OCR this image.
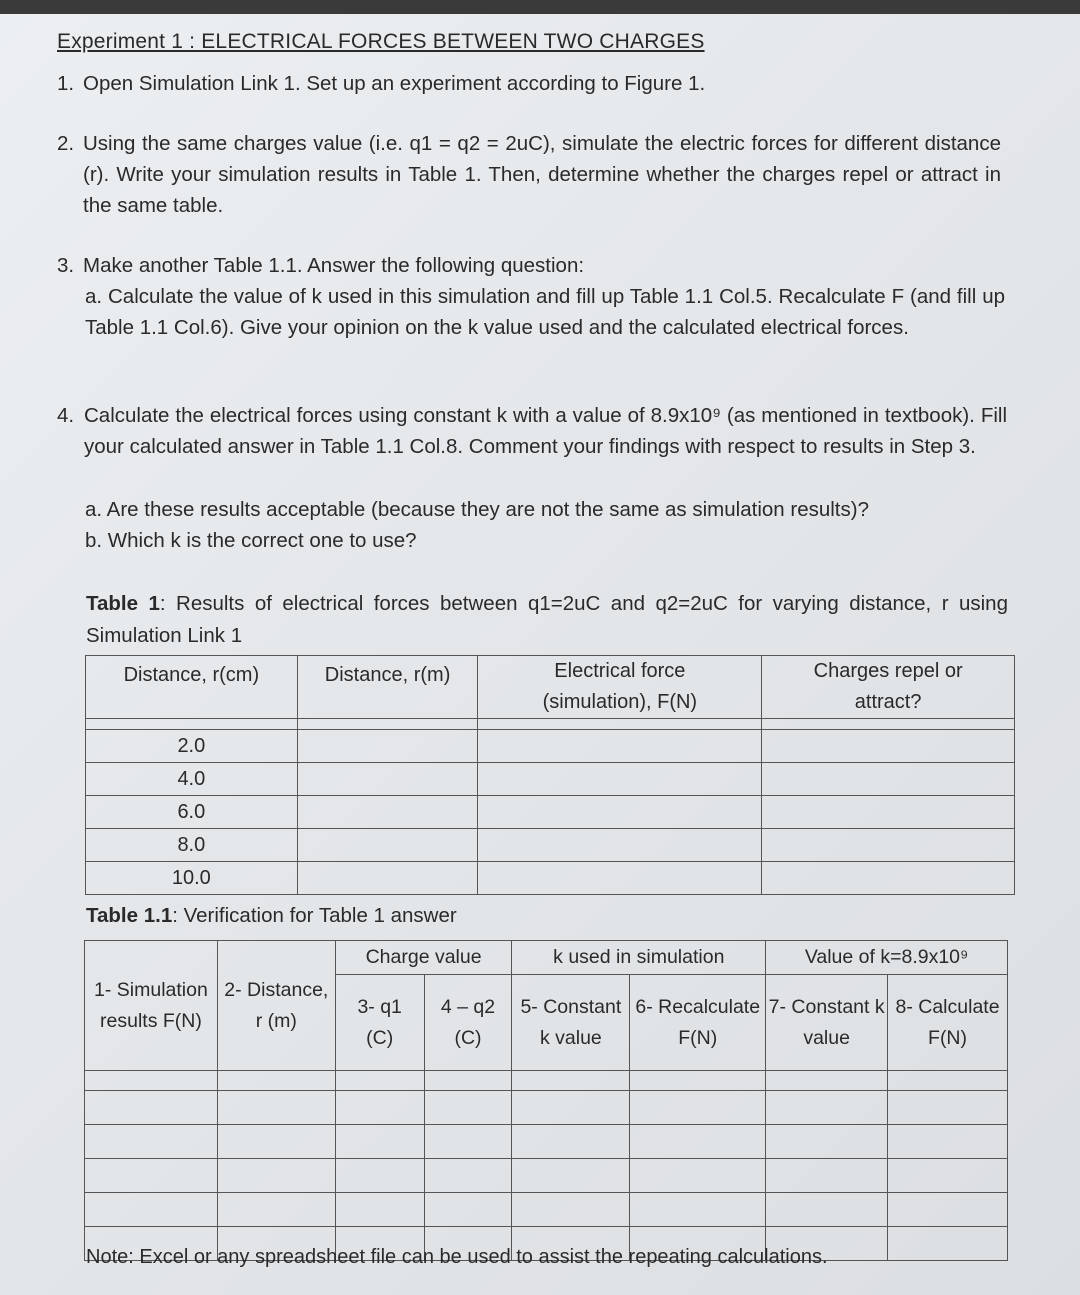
Experiment 1 : ELECTRICAL FORCES BETWEEN TWO CHARGES
1. Open Simulation Link 1. Set up an experiment according to Figure 1.
2. Using the same charges value (i.e. q1 = q2 = 2uC), simulate the electric forces for different distance (r). Write your simulation results in Table 1. Then, determine whether the charges repel or attract in the same table.
3. Make another Table 1.1. Answer the following question:
a. Calculate the value of k used in this simulation and fill up Table 1.1 Col.5. Recalculate F (and fill up Table 1.1 Col.6). Give your opinion on the k value used and the calculated electrical forces.
4. Calculate the electrical forces using constant k with a value of 8.9x10⁹ (as mentioned in textbook). Fill your calculated answer in Table 1.1 Col.8. Comment your findings with respect to results in Step 3.
a. Are these results acceptable (because they are not the same as simulation results)?
b. Which k is the correct one to use?
Table 1: Results of electrical forces between q1=2uC and q2=2uC for varying distance, r using Simulation Link 1
Distance, r(cm)	Distance, r(m)	Electrical force (simulation), F(N)	Charges repel or attract?

2.0			
4.0			
6.0			
8.0			
10.0			
Table 1.1: Verification for Table 1 answer
1- Simulation results F(N)	2- Distance, r (m)	Charge value		k used in simulation		Value of k=8.9x10⁹	
		3- q1 (C)	4 – q2 (C)	5- Constant k value	6- Recalculate F(N)	7- Constant k value	8- Calculate F(N)

Note: Excel or any spreadsheet file can be used to assist the repeating calculations.
